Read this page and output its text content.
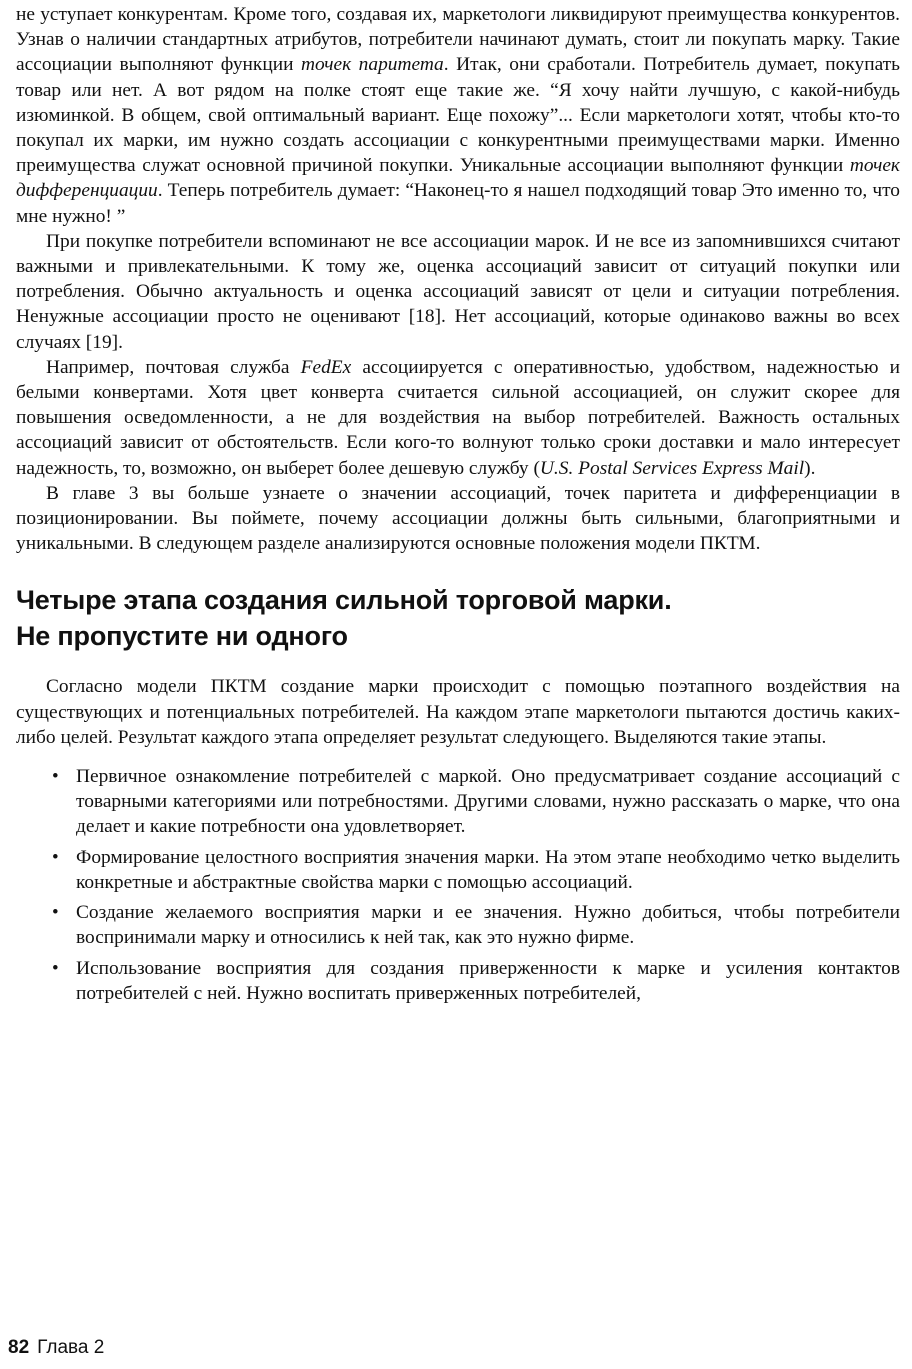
не уступает конкурентам. Кроме того, создавая их, маркетологи ликвидируют преимущества конкурентов. Узнав о наличии стандартных атрибутов, потребители начинают думать, стоит ли покупать марку. Такие ассоциации выполняют функции точек паритета. Итак, они сработали. Потребитель думает, покупать товар или нет. А вот рядом на полке стоят еще такие же. “Я хочу найти лучшую, с какой-нибудь изюминкой. В общем, свой оптимальный вариант. Еще похожу”... Если маркетологи хотят, чтобы кто-то покупал их марки, им нужно создать ассоциации с конкурентными преимуществами марки. Именно преимущества служат основной причиной покупки. Уникальные ассоциации выполняют функции точек дифференциации. Теперь потребитель думает: “Наконец-то я нашел подходящий товар Это именно то, что мне нужно! ”

При покупке потребители вспоминают не все ассоциации марок. И не все из запомнившихся считают важными и привлекательными. К тому же, оценка ассоциаций зависит от ситуаций покупки или потребления. Обычно актуальность и оценка ассоциаций зависят от цели и ситуации потребления. Ненужные ассоциации просто не оценивают [18]. Нет ассоциаций, которые одинаково важны во всех случаях [19].

Например, почтовая служба FedEx ассоциируется с оперативностью, удобством, надежностью и белыми конвертами. Хотя цвет конверта считается сильной ассоциацией, он служит скорее для повышения осведомленности, а не для воздействия на выбор потребителей. Важность остальных ассоциаций зависит от обстоятельств. Если кого-то волнуют только сроки доставки и мало интересует надежность, то, возможно, он выберет более дешевую службу (U.S. Postal Services Express Mail).

В главе 3 вы больше узнаете о значении ассоциаций, точек паритета и дифференциации в позиционировании. Вы поймете, почему ассоциации должны быть сильными, благоприятными и уникальными. В следующем разделе анализируются основные положения модели ПКТМ.

Четыре этапа создания сильной торговой марки.
Не пропустите ни одного

Согласно модели ПКТМ создание марки происходит с помощью поэтапного воздействия на существующих и потенциальных потребителей. На каждом этапе маркетологи пытаются достичь каких-либо целей. Результат каждого этапа определяет результат следующего. Выделяются такие этапы.

• Первичное ознакомление потребителей с маркой. Оно предусматривает создание ассоциаций с товарными категориями или потребностями. Другими словами, нужно рассказать о марке, что она делает и какие потребности она удовлетворяет.
• Формирование целостного восприятия значения марки. На этом этапе необходимо четко выделить конкретные и абстрактные свойства марки с помощью ассоциаций.
• Создание желаемого восприятия марки и ее значения. Нужно добиться, чтобы потребители воспринимали марку и относились к ней так, как это нужно фирме.
• Использование восприятия для создания приверженности к марке и усиления контактов потребителей с ней. Нужно воспитать приверженных потребителей,
82 Глава 2
